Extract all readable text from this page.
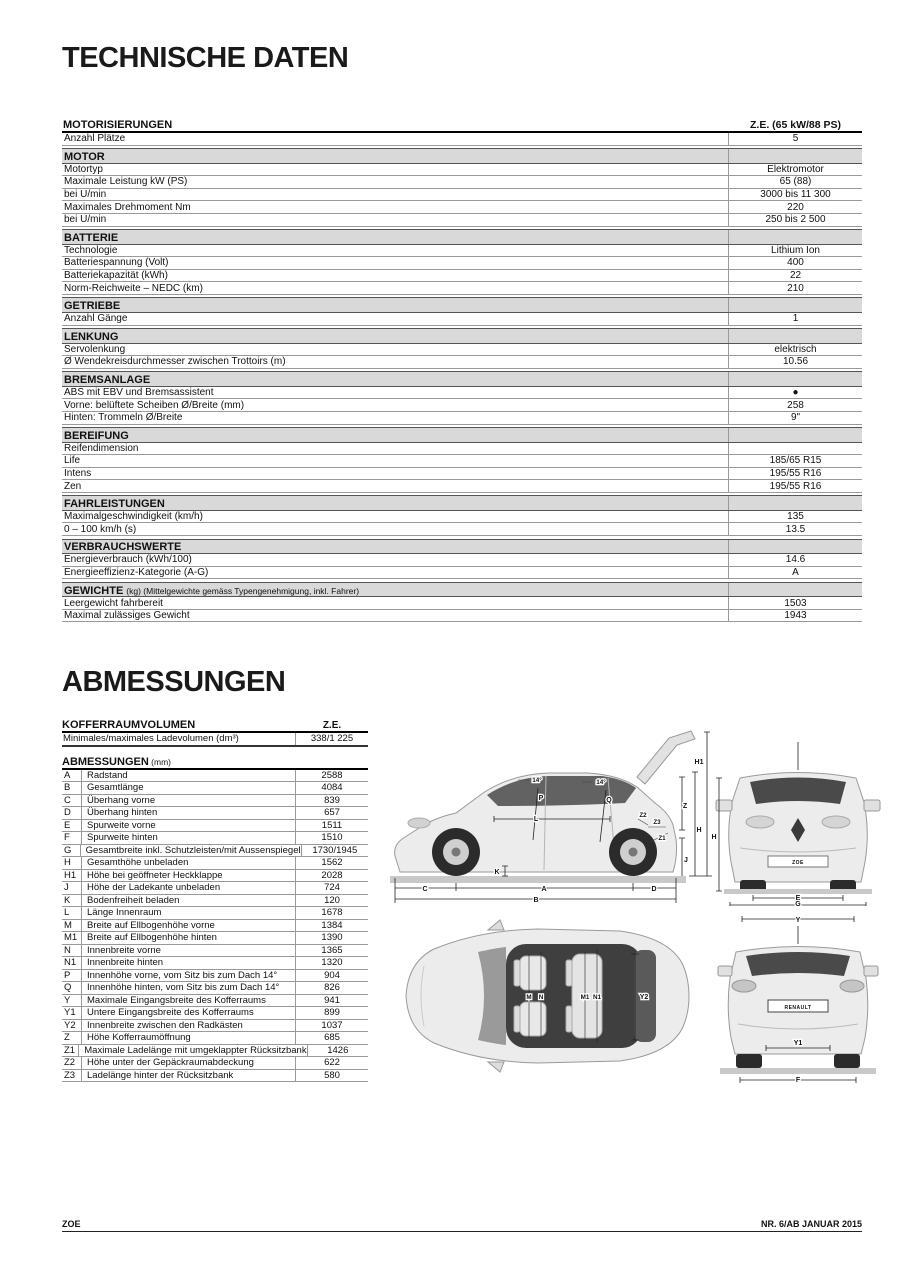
TECHNISCHE DATEN
MOTORISIERUNGEN	Z.E. (65 kW/88 PS)
Anzahl Plätze	5
MOTOR
Motortyp	Elektromotor
Maximale Leistung kW (PS)	65 (88)
bei U/min	3000 bis 11 300
Maximales Drehmoment Nm	220
bei U/min	250 bis 2 500
BATTERIE
Technologie	Lithium Ion
Batteriespannung (Volt)	400
Batteriekapazität (kWh)	22
Norm-Reichweite – NEDC (km)	210
GETRIEBE
Anzahl Gänge	1
LENKUNG
Servolenkung	elektrisch
Ø Wendekreisdurchmesser zwischen Trottoirs (m)	10.56
BREMSANLAGE
ABS mit EBV und Bremsassistent	●
Vorne: belüftete Scheiben Ø/Breite (mm)	258
Hinten: Trommeln Ø/Breite	9"
BEREIFUNG
Reifendimension
Life	185/65 R15
Intens	195/55 R16
Zen	195/55 R16
FAHRLEISTUNGEN
Maximalgeschwindigkeit (km/h)	135
0 – 100 km/h (s)	13.5
VERBRAUCHSWERTE
Energieverbrauch (kWh/100)	14.6
Energieeffizienz-Kategorie (A-G)	A
GEWICHTE (kg) (Mittelgewichte gemäss Typengenehmigung, inkl. Fahrer)
Leergewicht fahrbereit	1503
Maximal zulässiges Gewicht	1943
ABMESSUNGEN
KOFFERRAUMVOLUMEN	Z.E.
Minimales/maximales Ladevolumen (dm³)	338/1 225
ABMESSUNGEN (mm)
A	Radstand	2588
B	Gesamtlänge	4084
C	Überhang vorne	839
D	Überhang hinten	657
E	Spurweite vorne	1511
F	Spurweite hinten	1510
G	Gesamtbreite inkl. Schutzleisten/mit Aussenspiegel	1730/1945
H	Gesamthöhe unbeladen	1562
H1	Höhe bei geöffneter Heckklappe	2028
J	Höhe der Ladekante unbeladen	724
K	Bodenfreiheit beladen	120
L	Länge Innenraum	1678
M	Breite auf Ellbogenhöhe vorne	1384
M1	Breite auf Ellbogenhöhe hinten	1390
N	Innenbreite vorne	1365
N1	Innenbreite hinten	1320
P	Innenhöhe vorne, vom Sitz bis zum Dach 14°	904
Q	Innenhöhe hinten, vom Sitz bis zum Dach 14°	826
Y	Maximale Eingangsbreite des Kofferraums	941
Y1	Untere Eingangsbreite des Kofferraums	899
Y2	Innenbreite zwischen den Radkästen	1037
Z	Höhe Kofferraumöffnung	685
Z1 Maximale Ladelänge mit umgeklappter Rücksitzbank	1426
Z2	Höhe unter der Gepäckraumabdeckung	622
Z3	Ladelänge hinter der Rücksitzbank	580
C	A	D
B
H1
Z
H
J
L
14°
P
14°
Q
K
Z2
Z3
Z1
ZOE
H
E
G
M N	M1 N1	Y2
Y
RENAULT
Y1
F
ZOE	NR. 6/AB JANUAR 2015
